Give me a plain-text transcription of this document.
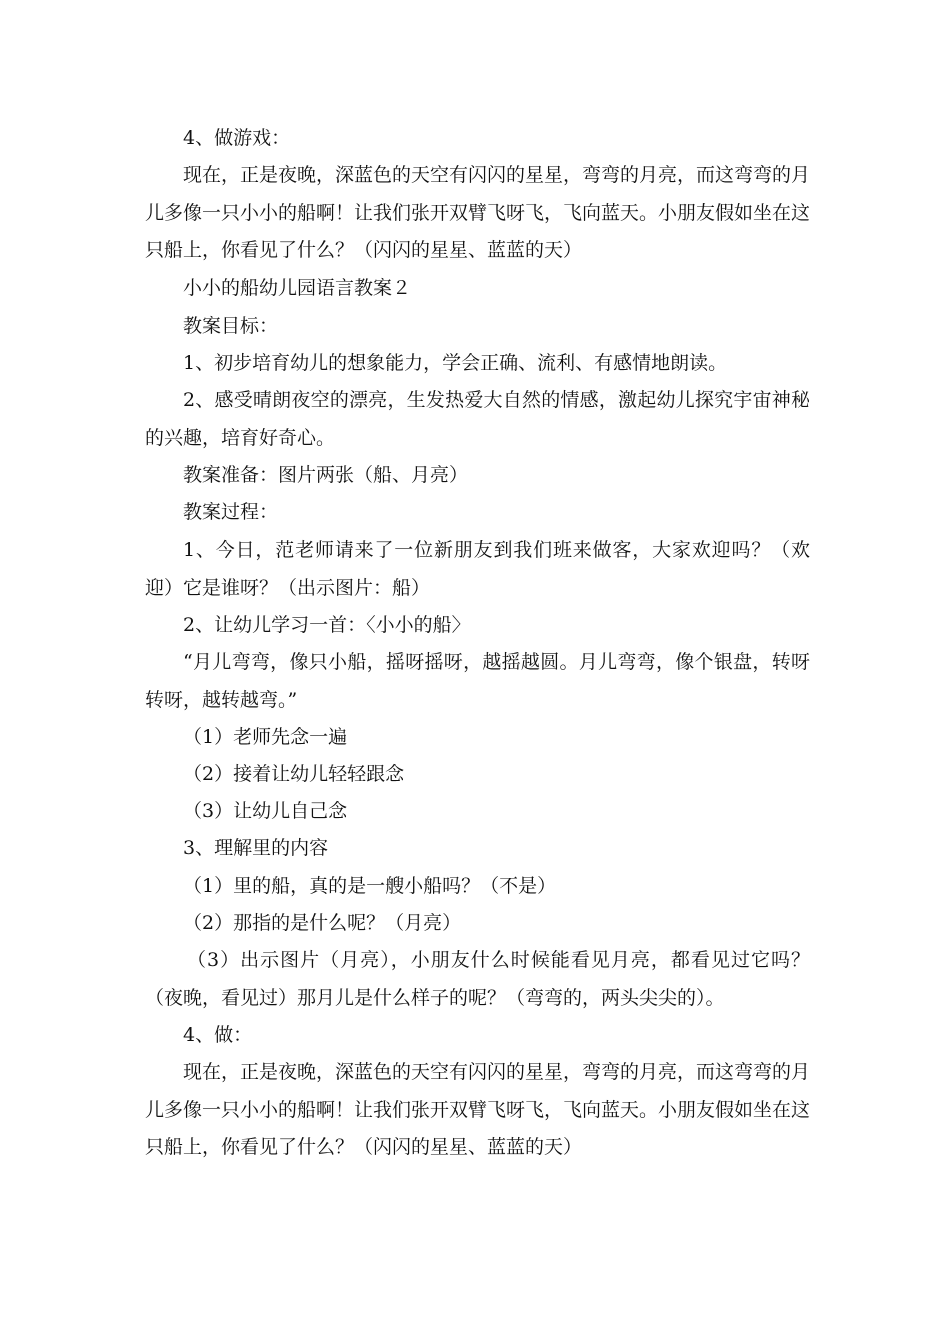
4、做游戏：

现在，正是夜晚，深蓝色的天空有闪闪的星星，弯弯的月亮，而这弯弯的月儿多像一只小小的船啊！让我们张开双臂飞呀飞，飞向蓝天。小朋友假如坐在这只船上，你看见了什么？（闪闪的星星、蓝蓝的天）

小小的船幼儿园语言教案２

教案目标：

1、初步培育幼儿的想象能力，学会正确、流利、有感情地朗读。

2、感受晴朗夜空的漂亮，生发热爱大自然的情感，激起幼儿探究宇宙神秘的兴趣，培育好奇心。

教案准备：图片两张（船、月亮）

教案过程：

1、今日，范老师请来了一位新朋友到我们班来做客，大家欢迎吗？（欢迎）它是谁呀？（出示图片：船）

2、让幼儿学习一首：〈小小的船〉

“月儿弯弯，像只小船，摇呀摇呀，越摇越圆。月儿弯弯，像个银盘，转呀转呀，越转越弯。”

（1）老师先念一遍

（2）接着让幼儿轻轻跟念

（3）让幼儿自己念

3、理解里的内容

（1）里的船，真的是一艘小船吗？（不是）

（2）那指的是什么呢？（月亮）

（3）出示图片（月亮），小朋友什么时候能看见月亮，都看见过它吗？（夜晚，看见过）那月儿是什么样子的呢？（弯弯的，两头尖尖的）。

4、做：

现在，正是夜晚，深蓝色的天空有闪闪的星星，弯弯的月亮，而这弯弯的月儿多像一只小小的船啊！让我们张开双臂飞呀飞，飞向蓝天。小朋友假如坐在这只船上，你看见了什么？（闪闪的星星、蓝蓝的天）
